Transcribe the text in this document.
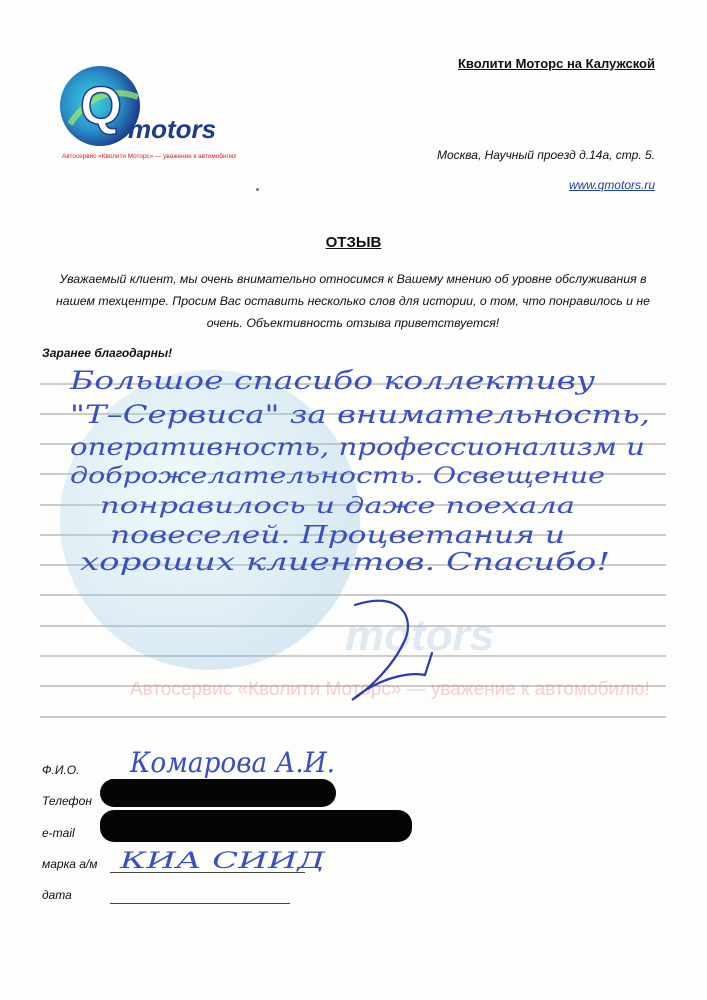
Q motors
Автосервис «Кволити Моторс» — уважение к автомобилю!
Кволити Моторс на Калужской
Москва, Научный проезд д.14а, стр. 5.
www.qmotors.ru
ОТЗЫВ
Уважаемый клиент, мы очень внимательно относимся к Вашему мнению об уровне обслуживания в нашем техцентре. Просим Вас оставить несколько слов для истории, о том, что понравилось и не очень. Объективность отзыва приветствуется!
Заранее благодарны!
motors
Автосервис «Кволити Моторс» — уважение к автомобилю!
Большое спасибо коллективу
"Т–Сервиса" за внимательность,
оперативность, профессионализм и
доброжелательность. Освещение
понравилось и даже поехала
повеселей. Процветания и
хороших клиентов. Спасибо!
Ф.И.О.
Телефон
e-mail
марка а/м
дата
Комарова А.И.
КИА СИИД
